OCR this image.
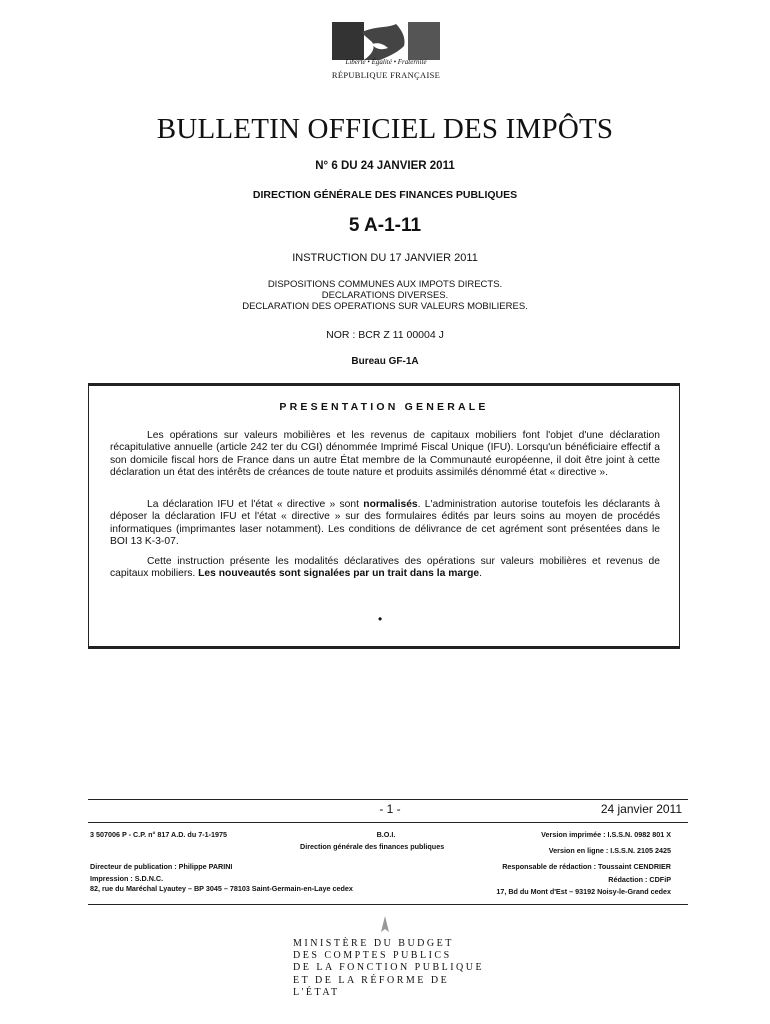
Liberté • Égalité • Fraternité
RÉPUBLIQUE FRANÇAISE
BULLETIN OFFICIEL DES IMPÔTS
N° 6 DU 24 JANVIER 2011
DIRECTION GÉNÉRALE DES FINANCES PUBLIQUES
5 A-1-11
INSTRUCTION DU 17 JANVIER 2011
DISPOSITIONS COMMUNES AUX IMPOTS DIRECTS.
DECLARATIONS DIVERSES.
DECLARATION DES OPERATIONS SUR VALEURS MOBILIERES.
NOR : BCR Z 11 00004 J
Bureau GF-1A
PRESENTATION GENERALE
Les opérations sur valeurs mobilières et les revenus de capitaux mobiliers font l'objet d'une déclaration récapitulative annuelle (article 242 ter du CGI) dénommée Imprimé Fiscal Unique (IFU). Lorsqu'un bénéficiaire effectif a son domicile fiscal hors de France dans un autre État membre de la Communauté européenne, il doit être joint à cette déclaration un état des intérêts de créances de toute nature et produits assimilés dénommé état « directive ».
La déclaration IFU et l'état « directive » sont normalisés. L'administration autorise toutefois les déclarants à déposer la déclaration IFU et l'état « directive » sur des formulaires édités par leurs soins au moyen de procédés informatiques (imprimantes laser notamment). Les conditions de délivrance de cet agrément sont présentées dans le BOI 13 K-3-07.
Cette instruction présente les modalités déclaratives des opérations sur valeurs mobilières et revenus de capitaux mobiliers. Les nouveautés sont signalées par un trait dans la marge.
•
- 1 -	24 janvier 2011
3 507006 P - C.P. n° 817 A.D. du 7-1-1975	B.O.I.
Direction générale des finances publiques
Version imprimée : I.S.S.N. 0982 801 X
Version en ligne : I.S.S.N. 2105 2425
Directeur de publication : Philippe PARINI	Responsable de rédaction : Toussaint CENDRIER
Impression : S.D.N.C.
82, rue du Maréchal Lyautey – BP 3045 – 78103 Saint-Germain-en-Laye cedex
Rédaction : CDFiP
17, Bd du Mont d'Est – 93192 Noisy-le-Grand cedex
MINISTÈRE DU BUDGET
DES COMPTES PUBLICS
DE LA FONCTION PUBLIQUE
ET DE LA RÉFORME DE L'ÉTAT
